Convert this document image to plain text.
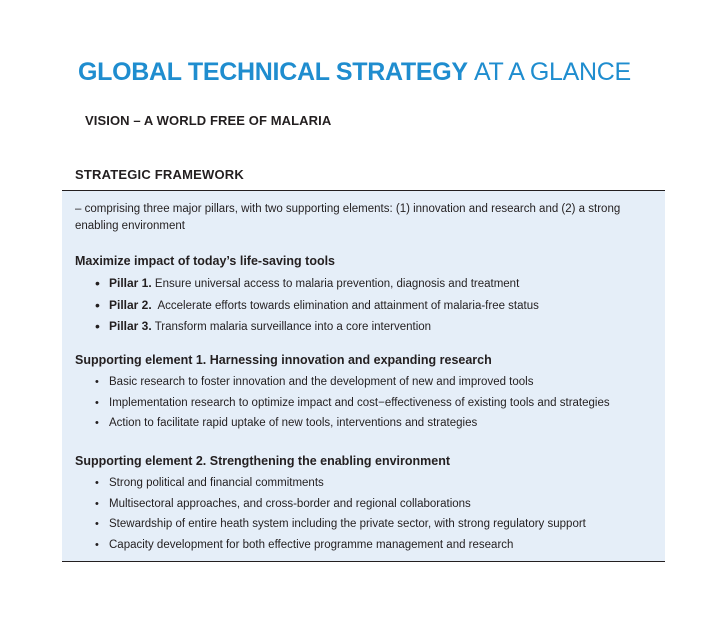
GLOBAL TECHNICAL STRATEGY AT A GLANCE
VISION – A WORLD FREE OF MALARIA
STRATEGIC FRAMEWORK

– comprising three major pillars, with two supporting elements: (1) innovation and research and (2) a strong enabling environment

Maximize impact of today’s life-saving tools
• Pillar 1. Ensure universal access to malaria prevention, diagnosis and treatment
• Pillar 2. Accelerate efforts towards elimination and attainment of malaria-free status
• Pillar 3. Transform malaria surveillance into a core intervention
Supporting element 1. Harnessing innovation and expanding research
• Basic research to foster innovation and the development of new and improved tools
• Implementation research to optimize impact and cost−effectiveness of existing tools and strategies
• Action to facilitate rapid uptake of new tools, interventions and strategies
Supporting element 2. Strengthening the enabling environment
• Strong political and financial commitments
• Multisectoral approaches, and cross-border and regional collaborations
• Stewardship of entire heath system including the private sector, with strong regulatory support
• Capacity development for both effective programme management and research
